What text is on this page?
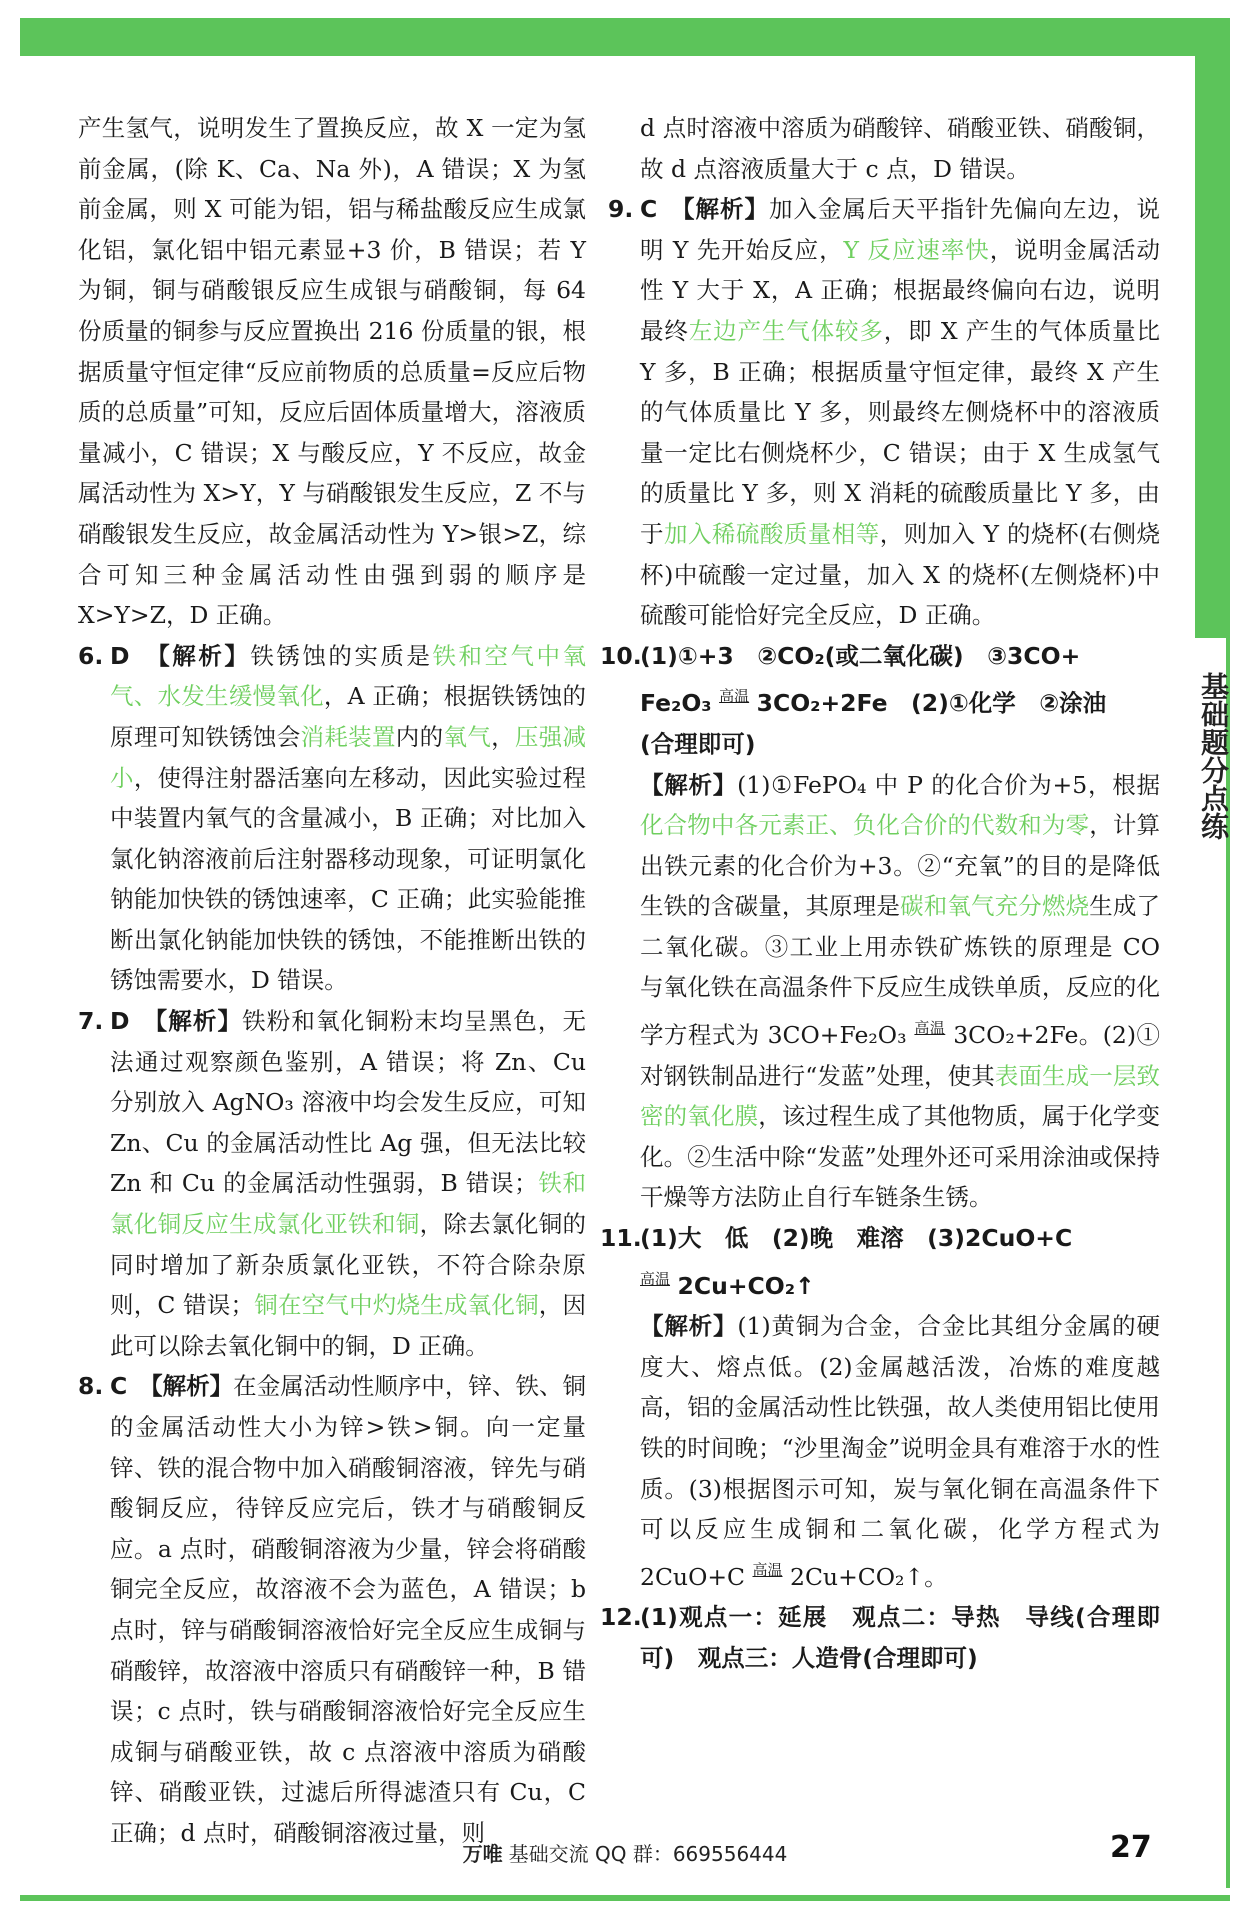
基础题分点练

产生氢气，说明发生了置换反应，故 X 一定为氢前金属，(除 K、Ca、Na 外)，A 错误；X 为氢前金属，则 X 可能为铝，铝与稀盐酸反应生成氯化铝，氯化铝中铝元素显+3 价，B 错误；若 Y 为铜，铜与硝酸银反应生成银与硝酸铜，每 64 份质量的铜参与反应置换出 216 份质量的银，根据质量守恒定律“反应前物质的总质量=反应后物质的总质量”可知，反应后固体质量增大，溶液质量减小，C 错误；X 与酸反应，Y 不反应，故金属活动性为 X>Y，Y 与硝酸银发生反应，Z 不与硝酸银发生反应，故金属活动性为 Y>银>Z，综合可知三种金属活动性由强到弱的顺序是 X>Y>Z，D 正确。

6. D　 【解析】铁锈蚀的实质是铁和空气中氧气、水发生缓慢氧化，A 正确；根据铁锈蚀的原理可知铁锈蚀会消耗装置内的氧气，压强减小，使得注射器活塞向左移动，因此实验过程中装置内氧气的含量减小，B 正确；对比加入氯化钠溶液前后注射器移动现象，可证明氯化钠能加快铁的锈蚀速率，C 正确；此实验能推断出氯化钠能加快铁的锈蚀，不能推断出铁的锈蚀需要水，D 错误。

7. D　 【解析】铁粉和氧化铜粉末均呈黑色，无法通过观察颜色鉴别，A 错误；将 Zn、Cu 分别放入 AgNO₃ 溶液中均会发生反应，可知 Zn、Cu 的金属活动性比 Ag 强，但无法比较 Zn 和 Cu 的金属活动性强弱，B 错误；铁和氯化铜反应生成氯化亚铁和铜，除去氯化铜的同时增加了新杂质氯化亚铁，不符合除杂原则，C 错误；铜在空气中灼烧生成氧化铜，因此可以除去氧化铜中的铜，D 正确。

8. C　 【解析】在金属活动性顺序中，锌、铁、铜的金属活动性大小为锌>铁>铜。向一定量锌、铁的混合物中加入硝酸铜溶液，锌先与硝酸铜反应，待锌反应完后，铁才与硝酸铜反应。a 点时，硝酸铜溶液为少量，锌会将硝酸铜完全反应，故溶液不会为蓝色，A 错误；b 点时，锌与硝酸铜溶液恰好完全反应生成铜与硝酸锌，故溶液中溶质只有硝酸锌一种，B 错误；c 点时，铁与硝酸铜溶液恰好完全反应生成铜与硝酸亚铁，故 c 点溶液中溶质为硝酸锌、硝酸亚铁，过滤后所得滤渣只有 Cu，C 正确；d 点时，硝酸铜溶液过量，则

d 点时溶液中溶质为硝酸锌、硝酸亚铁、硝酸铜，故 d 点溶液质量大于 c 点，D 错误。

9. C　 【解析】加入金属后天平指针先偏向左边，说明 Y 先开始反应，Y 反应速率快，说明金属活动性 Y 大于 X，A 正确；根据最终偏向右边，说明最终左边产生气体较多，即 X 产生的气体质量比 Y 多，B 正确；根据质量守恒定律，最终 X 产生的气体质量比 Y 多，则最终左侧烧杯中的溶液质量一定比右侧烧杯少，C 错误；由于 X 生成氢气的质量比 Y 多，则 X 消耗的硫酸质量比 Y 多，由于加入稀硫酸质量相等，则加入 Y 的烧杯(右侧烧杯)中硫酸一定过量，加入 X 的烧杯(左侧烧杯)中硫酸可能恰好完全反应，D 正确。

10.(1)①+3　②CO₂(或二氧化碳)　③3CO+
Fe₂O₃ $^{高温}$ 3CO₂+2Fe　(2)①化学　②涂油
(合理即可)
【解析】(1)①FePO₄ 中 P 的化合价为+5，根据化合物中各元素正、负化合价的代数和为零，计算出铁元素的化合价为+3。②“充氧”的目的是降低生铁的含碳量，其原理是碳和氧气充分燃烧生成了二氧化碳。③工业上用赤铁矿炼铁的原理是 CO 与氧化铁在高温条件下反应生成铁单质，反应的化学方程式为 3CO+Fe₂O₃ $^{高温}$ 3CO₂+2Fe。(2)①对钢铁制品进行“发蓝”处理，使其表面生成一层致密的氧化膜，该过程生成了其他物质，属于化学变化。②生活中除“发蓝”处理外还可采用涂油或保持干燥等方法防止自行车链条生锈。

11.(1)大　低　(2)晚　难溶　(3)2CuO+C
$^{高温}$ 2Cu+CO₂↑
【解析】(1)黄铜为合金，合金比其组分金属的硬度大、熔点低。(2)金属越活泼，冶炼的难度越高，铝的金属活动性比铁强，故人类使用铝比使用铁的时间晚；“沙里淘金”说明金具有难溶于水的性质。(3)根据图示可知，炭与氧化铜在高温条件下可以反应生成铜和二氧化碳，化学方程式为 2CuO+C $^{高温}$ 2Cu+CO₂↑。

12.(1)观点一：延展　观点二：导热　导线(合理即可)　观点三：人造骨(合理即可)

万唯 基础交流 QQ 群：669556444	27
